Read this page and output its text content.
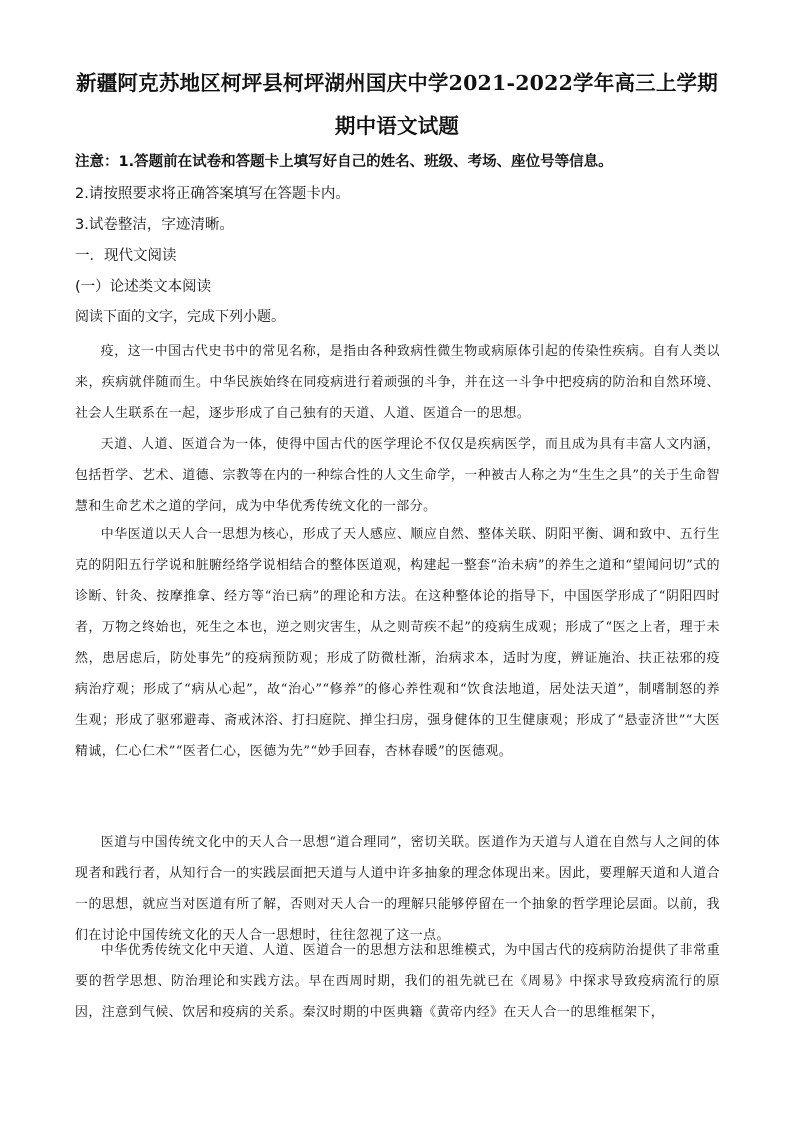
新疆阿克苏地区柯坪县柯坪湖州国庆中学2021-2022学年高三上学期
期中语文试题
注意：1.答题前在试卷和答题卡上填写好自己的姓名、班级、考场、座位号等信息。
2.请按照要求将正确答案填写在答题卡内。
3.试卷整洁，字迹清晰。
一．现代文阅读
(一）论述类文本阅读
阅读下面的文字，完成下列小题。

疫，这一中国古代史书中的常见名称，是指由各种致病性微生物或病原体引起的传染性疾病。自有人类以来，疾病就伴随而生。中华民族始终在同疫病进行着顽强的斗争，并在这一斗争中把疫病的防治和自然环境、社会人生联系在一起，逐步形成了自己独有的天道、人道、医道合一的思想。

天道、人道、医道合为一体，使得中国古代的医学理论不仅仅是疾病医学，而且成为具有丰富人文内涵，包括哲学、艺术、道德、宗教等在内的一种综合性的人文生命学，一种被古人称之为“生生之具”的关于生命智慧和生命艺术之道的学问，成为中华优秀传统文化的一部分。

中华医道以天人合一思想为核心，形成了天人感应、顺应自然、整体关联、阴阳平衡、调和致中、五行生克的阴阳五行学说和脏腑经络学说相结合的整体医道观，构建起一整套“治未病”的养生之道和“望闻问切”式的诊断、针灸、按摩推拿、经方等“治已病”的理论和方法。在这种整体论的指导下，中国医学形成了“阴阳四时者，万物之终始也，死生之本也，逆之则灾害生，从之则苛疾不起”的疫病生成观；形成了“医之上者，理于未然，患居虑后，防处事先”的疫病预防观；形成了防微杜渐，治病求本，适时为度，辨证施治、扶正祛邪的疫病治疗观；形成了“病从心起”，故“治心”“修养”的修心养性观和“饮食法地道，居处法天道”，制嗜制怒的养生观；形成了驱邪避毒、斋戒沐浴、打扫庭院、掸尘扫房，强身健体的卫生健康观；形成了“悬壶济世”“大医精诚，仁心仁术”“医者仁心，医德为先”“妙手回春，杏林春暖”的医德观。

医道与中国传统文化中的天人合一思想“道合理同”，密切关联。医道作为天道与人道在自然与人之间的体现者和践行者，从知行合一的实践层面把天道与人道中许多抽象的理念体现出来。因此，要理解天道和人道合一的思想，就应当对医道有所了解，否则对天人合一的理解只能够停留在一个抽象的哲学理论层面。以前，我们在讨论中国传统文化的天人合一思想时，往往忽视了这一点。

中华优秀传统文化中天道、人道、医道合一的思想方法和思维模式，为中国古代的疫病防治提供了非常重要的哲学思想、防治理论和实践方法。早在西周时期，我们的祖先就已在《周易》中探求导致疫病流行的原因，注意到气候、饮居和疫病的关系。秦汉时期的中医典籍《黄帝内经》在天人合一的思维框架下，
